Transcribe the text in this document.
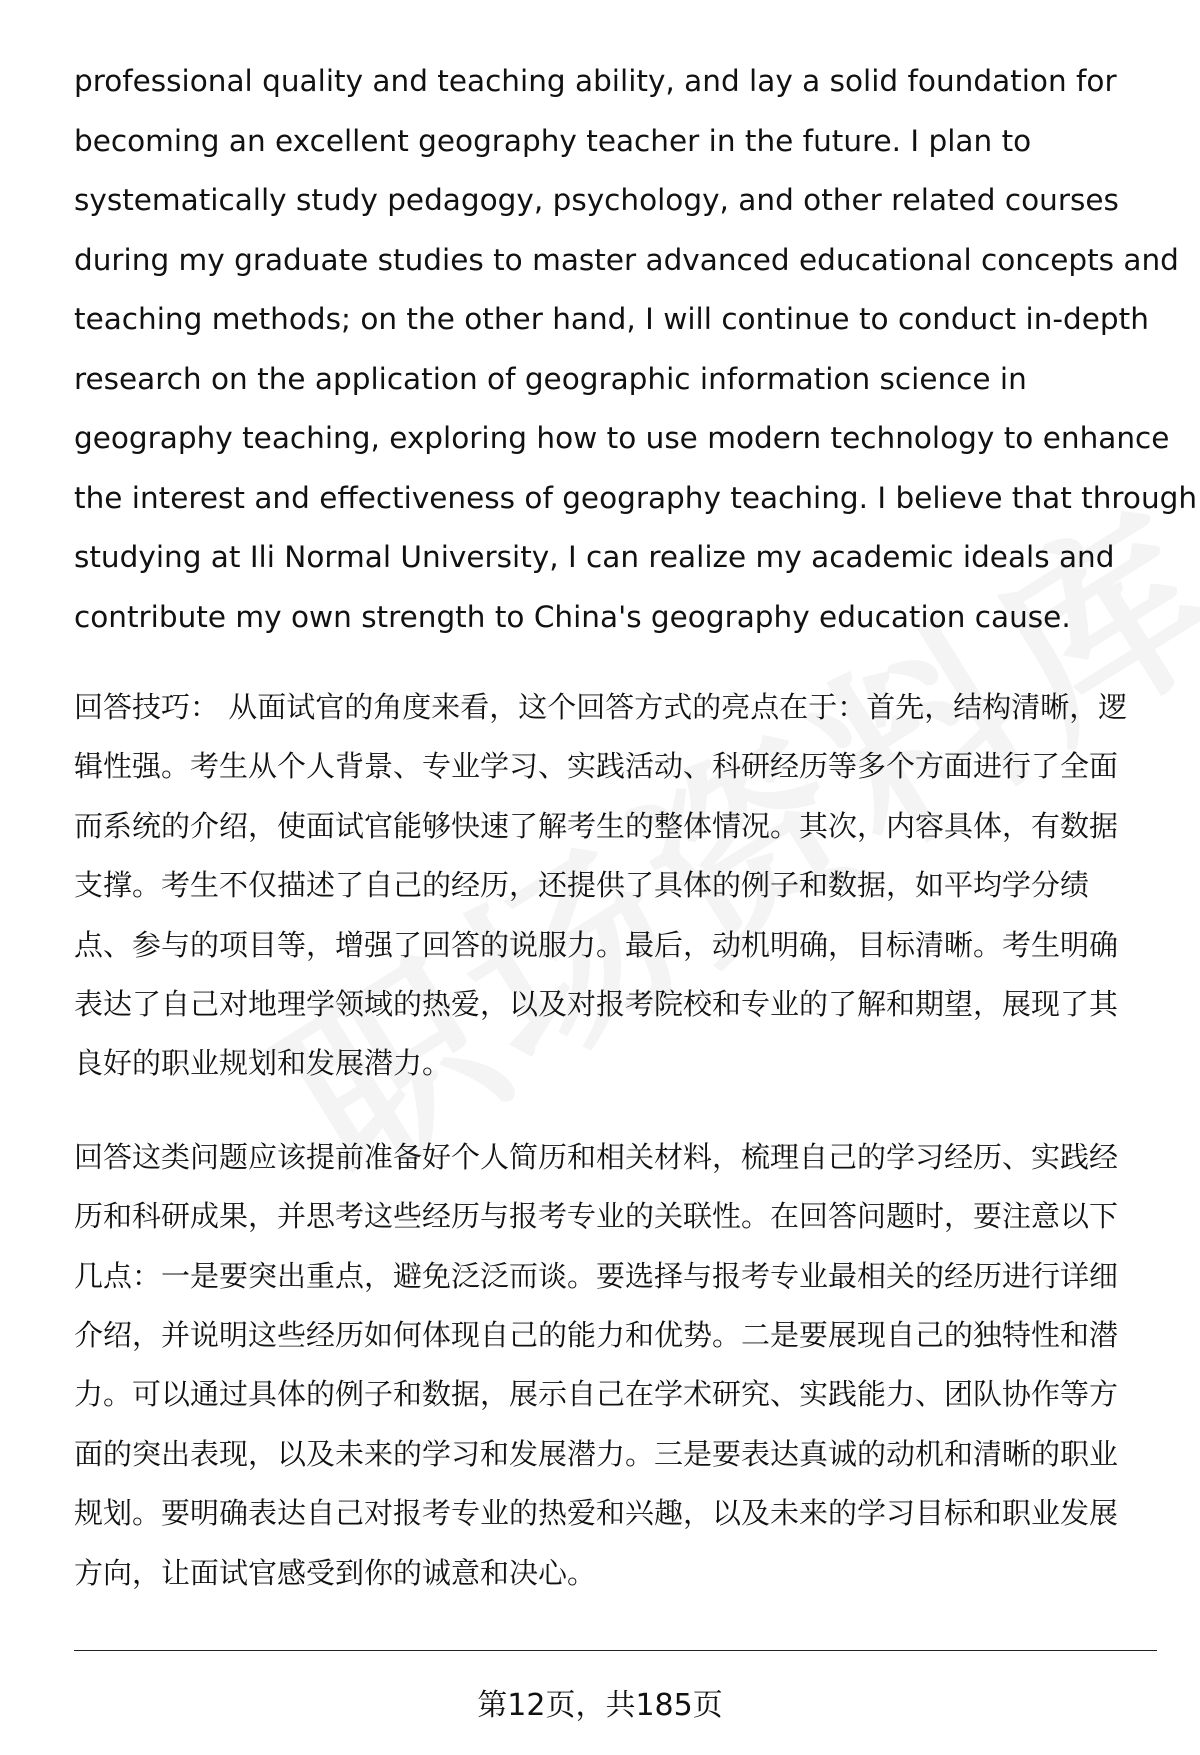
professional quality and teaching ability, and lay a solid foundation for
becoming an excellent geography teacher in the future. I plan to
systematically study pedagogy, psychology, and other related courses
during my graduate studies to master advanced educational concepts and
teaching methods; on the other hand, I will continue to conduct in-depth
research on the application of geographic information science in
geography teaching, exploring how to use modern technology to enhance
the interest and effectiveness of geography teaching. I believe that through
studying at Ili Normal University, I can realize my academic ideals and
contribute my own strength to China's geography education cause.

回答技巧： 从面试官的角度来看，这个回答方式的亮点在于：首先，结构清晰，逻
辑性强。考生从个人背景、专业学习、实践活动、科研经历等多个方面进行了全面
而系统的介绍，使面试官能够快速了解考生的整体情况。其次，内容具体，有数据
支撑。考生不仅描述了自己的经历，还提供了具体的例子和数据，如平均学分绩
点、参与的项目等，增强了回答的说服力。最后，动机明确，目标清晰。考生明确
表达了自己对地理学领域的热爱，以及对报考院校和专业的了解和期望，展现了其
良好的职业规划和发展潜力。

回答这类问题应该提前准备好个人简历和相关材料，梳理自己的学习经历、实践经
历和科研成果，并思考这些经历与报考专业的关联性。在回答问题时，要注意以下
几点：一是要突出重点，避免泛泛而谈。要选择与报考专业最相关的经历进行详细
介绍，并说明这些经历如何体现自己的能力和优势。二是要展现自己的独特性和潜
力。可以通过具体的例子和数据，展示自己在学术研究、实践能力、团队协作等方
面的突出表现，以及未来的学习和发展潜力。三是要表达真诚的动机和清晰的职业
规划。要明确表达自己对报考专业的热爱和兴趣，以及未来的学习目标和职业发展
方向，让面试官感受到你的诚意和决心。

第12页，共185页
